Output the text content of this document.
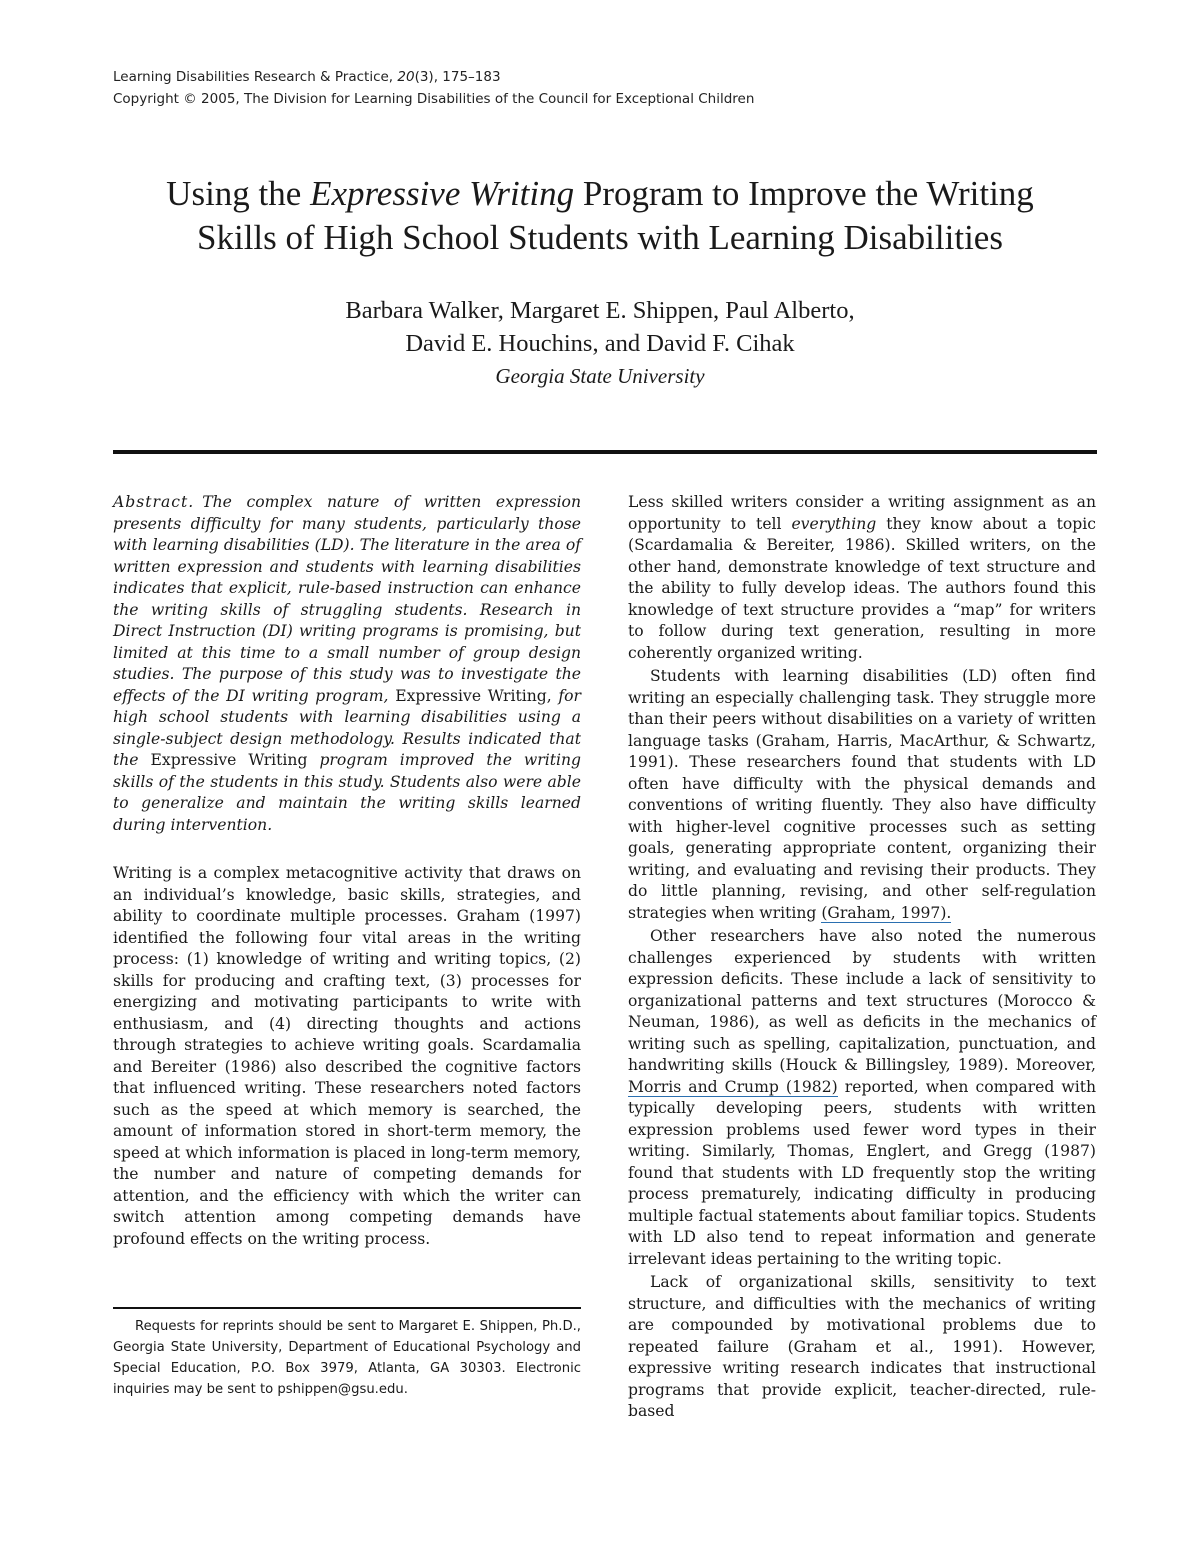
Learning Disabilities Research & Practice, 20(3), 175–183
Copyright © 2005, The Division for Learning Disabilities of the Council for Exceptional Children
Using the Expressive Writing Program to Improve the Writing
Skills of High School Students with Learning Disabilities
Barbara Walker, Margaret E. Shippen, Paul Alberto,
David E. Houchins, and David F. Cihak
Georgia State University

Abstract. The complex nature of written expression presents difficulty for many students, particularly those with learning disabilities (LD). The literature in the area of written expression and students with learning disabilities indicates that explicit, rule-based instruction can enhance the writing skills of struggling students. Research in Direct Instruction (DI) writing programs is promising, but limited at this time to a small number of group design studies. The purpose of this study was to investigate the effects of the DI writing program, Expressive Writing, for high school students with learning disabilities using a single-subject design methodology. Results indicated that the Expressive Writing program improved the writing skills of the students in this study. Students also were able to generalize and maintain the writing skills learned during intervention.

Writing is a complex metacognitive activity that draws on an individual’s knowledge, basic skills, strategies, and ability to coordinate multiple processes. Graham (1997) identified the following four vital areas in the writing process: (1) knowledge of writing and writing topics, (2) skills for producing and crafting text, (3) processes for energizing and motivating participants to write with enthusiasm, and (4) directing thoughts and actions through strategies to achieve writing goals. Scardamalia and Bereiter (1986) also described the cognitive factors that influenced writing. These researchers noted factors such as the speed at which memory is searched, the amount of information stored in short-term memory, the speed at which information is placed in long-term memory, the number and nature of competing demands for attention, and the efficiency with which the writer can switch attention among competing demands have profound effects on the writing process.

Requests for reprints should be sent to Margaret E. Shippen, Ph.D., Georgia State University, Department of Educational Psychology and Special Education, P.O. Box 3979, Atlanta, GA 30303. Electronic inquiries may be sent to pshippen@gsu.edu.

Less skilled writers consider a writing assignment as an opportunity to tell everything they know about a topic (Scardamalia & Bereiter, 1986). Skilled writers, on the other hand, demonstrate knowledge of text structure and the ability to fully develop ideas. The authors found this knowledge of text structure provides a “map” for writers to follow during text generation, resulting in more coherently organized writing.

Students with learning disabilities (LD) often find writing an especially challenging task. They struggle more than their peers without disabilities on a variety of written language tasks (Graham, Harris, MacArthur, & Schwartz, 1991). These researchers found that students with LD often have difficulty with the physical demands and conventions of writing fluently. They also have difficulty with higher-level cognitive processes such as setting goals, generating appropriate content, organizing their writing, and evaluating and revising their products. They do little planning, revising, and other self-regulation strategies when writing (Graham, 1997).

Other researchers have also noted the numerous challenges experienced by students with written expression deficits. These include a lack of sensitivity to organizational patterns and text structures (Morocco & Neuman, 1986), as well as deficits in the mechanics of writing such as spelling, capitalization, punctuation, and handwriting skills (Houck & Billingsley, 1989). Moreover, Morris and Crump (1982) reported, when compared with typically developing peers, students with written expression problems used fewer word types in their writing. Similarly, Thomas, Englert, and Gregg (1987) found that students with LD frequently stop the writing process prematurely, indicating difficulty in producing multiple factual statements about familiar topics. Students with LD also tend to repeat information and generate irrelevant ideas pertaining to the writing topic.

Lack of organizational skills, sensitivity to text structure, and difficulties with the mechanics of writing are compounded by motivational problems due to repeated failure (Graham et al., 1991). However, expressive writing research indicates that instructional programs that provide explicit, teacher-directed, rule-based
